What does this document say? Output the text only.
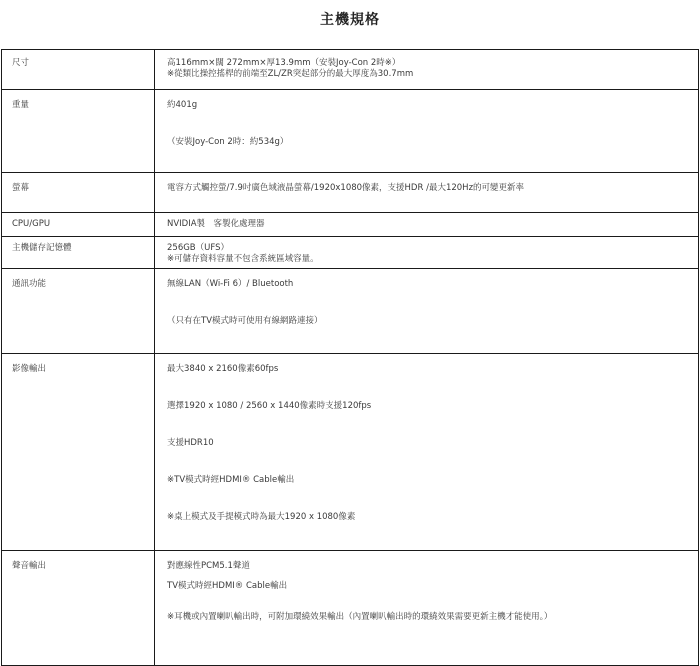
主機規格
尺寸	高116mm×闊 272mm×厚13.9mm（安裝Joy-Con 2時※）
※從類比操控搖桿的前端至ZL/ZR突起部分的最大厚度為30.7mm

重量	約401g
（安裝Joy-Con 2時：約534g）

螢幕	電容方式觸控螢/7.9吋廣色域液晶螢幕/1920x1080像素，支援HDR /最大120Hz的可變更新率

CPU/GPU	NVIDIA製　客製化處理器

主機儲存記憶體	256GB（UFS）
※可儲存資料容量不包含系統區域容量。

通訊功能	無線LAN（Wi-Fi 6）/ Bluetooth
（只有在TV模式時可使用有線網路連接）

影像輸出	最大3840 x 2160像素60fps
選擇1920 x 1080 / 2560 x 1440像素時支援120fps
支援HDR10
※TV模式時經HDMI® Cable輸出
※桌上模式及手提模式時為最大1920 x 1080像素

聲音輸出	對應線性PCM5.1聲道
TV模式時經HDMI® Cable輸出
※耳機或內置喇叭輸出時，可附加環繞效果輸出（內置喇叭輸出時的環繞效果需要更新主機才能使用。）
